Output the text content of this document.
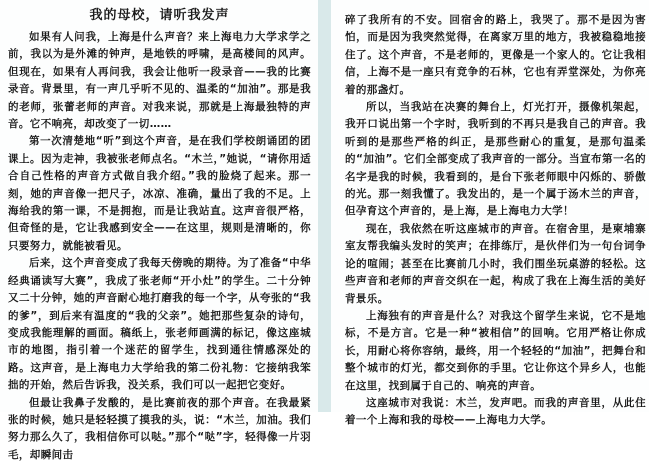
我的母校，请听我发声

如果有人问我，上海是什么声音？来上海电力大学求学之前，我以为是外滩的钟声，是地铁的呼啸，是高楼间的风声。但现在，如果有人再问我，我会让他听一段录音——我的比赛录音。背景里，有一声几乎听不见的、温柔的“加油”。那是我的老师，张蕾老师的声音。对我来说，那就是上海最独特的声音。它不响亮，却改变了一切……

第一次清楚地“听”到这个声音，是在我们学校朗诵团的团课上。因为走神，我被张老师点名。“木兰，”她说，“请你用适合自己性格的声音方式做自我介绍。”我的脸烧了起来。那一刻，她的声音像一把尺子，冰凉、准确，量出了我的不足。上海给我的第一课，不是拥抱，而是让我站直。这声音很严格，但奇怪的是，它让我感到安全——在这里，规则是清晰的，你只要努力，就能被看见。

后来，这个声音变成了我每天傍晚的期待。为了准备“中华经典诵读写大赛”，我成了张老师“开小灶”的学生。二十分钟又二十分钟，她的声音耐心地打磨我的每一个字，从夸张的“我的爹”，到后来有温度的“我的父亲”。她把那些复杂的诗句，变成我能理解的画面。稿纸上，张老师画满的标记，像这座城市的地图，指引着一个迷茫的留学生，找到通往情感深处的路。这声音，是上海电力大学给我的第二份礼物：它接纳我笨拙的开始，然后告诉我，没关系，我们可以一起把它变好。

但最让我鼻子发酸的，是比赛前夜的那个声音。在我最紧张的时候，她只是轻轻摸了摸我的头，说：“木兰，加油。我们努力那么久了，我相信你可以哒。”那个“哒”字，轻得像一片羽毛，却瞬间击

碎了我所有的不安。回宿舍的路上，我哭了。那不是因为害怕，而是因为我突然觉得，在离家万里的地方，我被稳稳地接住了。这个声音，不是老师的，更像是一个家人的。它让我相信，上海不是一座只有竞争的石林，它也有弄堂深处，为你亮着的那盏灯。

所以，当我站在决赛的舞台上，灯光打开，摄像机架起，我开口说出第一个字时，我听到的不再只是我自己的声音。我听到的是那些严格的纠正，是那些耐心的重复，是那句温柔的“加油”。它们全部变成了我声音的一部分。当宣布第一名的名字是我的时候，我看到的，是台下张老师眼中闪烁的、骄傲的光。那一刻我懂了。我发出的，是一个属于汤木兰的声音，但孕育这个声音的，是上海，是上海电力大学！

现在，我依然在听这座城市的声音。在宿舍里，是柬埔寨室友帮我编头发时的笑声；在排练厅，是伙伴们为一句台词争论的喧闹；甚至在比赛前几小时，我们围坐玩桌游的轻松。这些声音和老师的声音交织在一起，构成了我在上海生活的美好背景乐。

上海独有的声音是什么？对我这个留学生来说，它不是地标，不是方言。它是一种“被相信”的回响。它用严格让你成长，用耐心将你容纳，最终，用一个轻轻的“加油”，把舞台和整个城市的灯光，都交到你的手里。它让你这个异乡人，也能在这里，找到属于自己的、响亮的声音。

这座城市对我说：木兰，发声吧。而我的声音里，从此住着一个上海和我的母校——上海电力大学。
